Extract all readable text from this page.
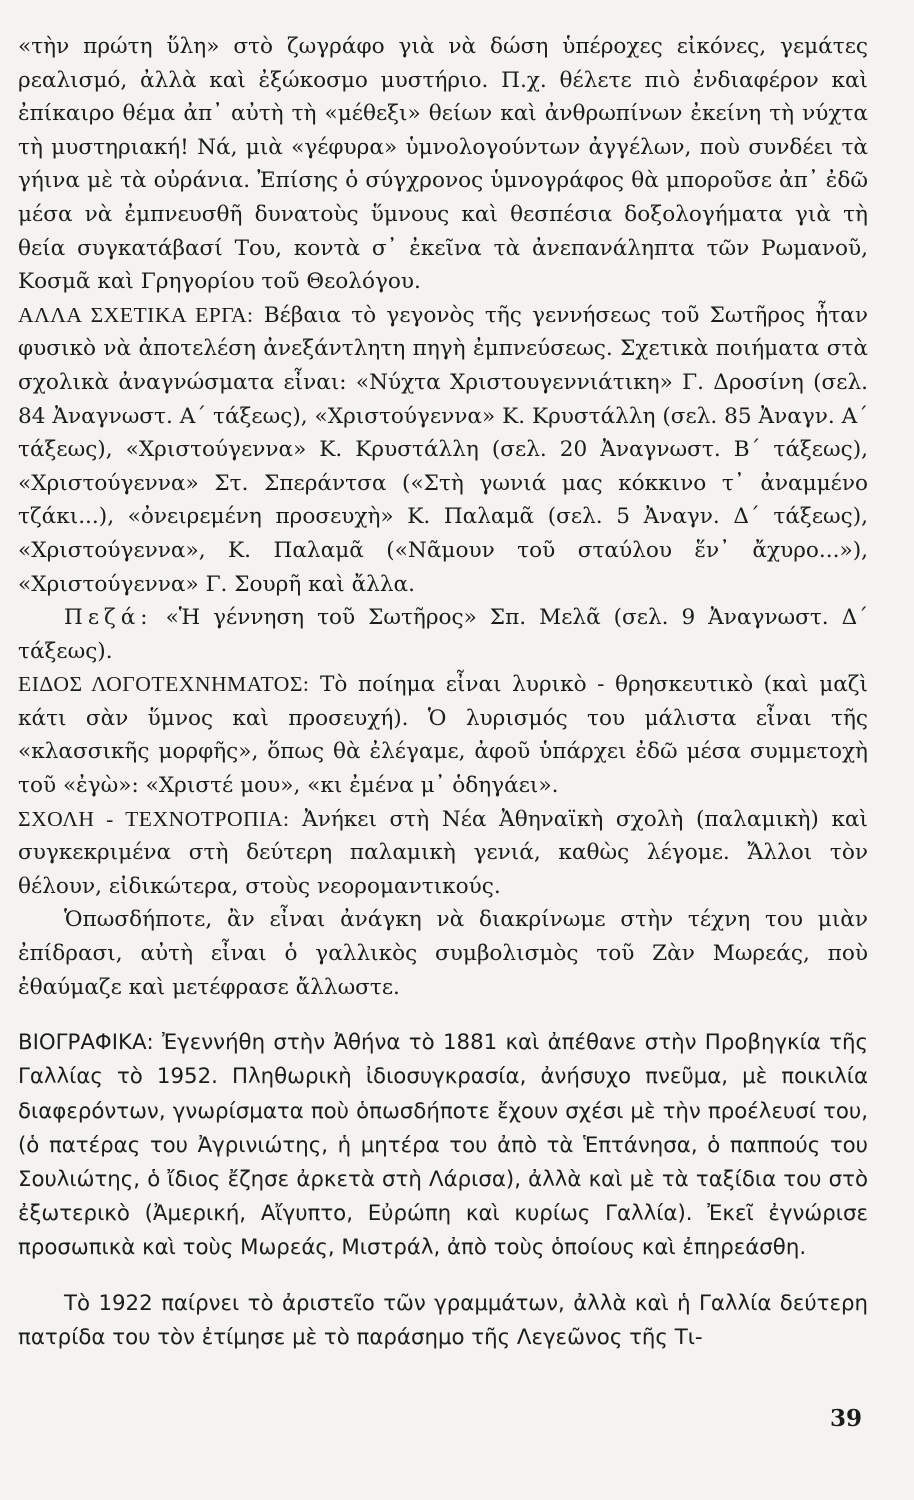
«τὴν πρώτη ὕλη» στὸ ζωγράφο γιὰ νὰ δώση ὑπέροχες εἰκόνες, γεμάτες ρεαλισμό, ἀλλὰ καὶ ἐξώκοσμο μυστήριο. Π.χ. θέλετε πιὸ ἐνδιαφέρον καὶ ἐπίκαιρο θέμα ἀπ᾽ αὐτὴ τὴ «μέθεξι» θείων καὶ ἀνθρωπίνων ἐκείνη τὴ νύχτα τὴ μυστηριακή! Νά, μιὰ «γέφυρα» ὑμνολογούντων ἀγγέλων, ποὺ συνδέει τὰ γήινα μὲ τὰ οὐράνια. Ἐπίσης ὁ σύγχρονος ὑμνογράφος θὰ μποροῦσε ἀπ᾽ ἐδῶ μέσα νὰ ἐμπνευσθῆ δυνατοὺς ὕμνους καὶ θεσπέσια δοξολογήματα γιὰ τὴ θεία συγκατάβασί Του, κοντὰ σ᾽ ἐκεῖνα τὰ ἀνεπανάληπτα τῶν Ρωμανοῦ, Κοσμᾶ καὶ Γρηγορίου τοῦ Θεολόγου.

ΑΛΛΑ ΣΧΕΤΙΚΑ ΕΡΓΑ: Βέβαια τὸ γεγονὸς τῆς γεννήσεως τοῦ Σωτῆρος ἦταν φυσικὸ νὰ ἀποτελέση ἀνεξάντλητη πηγὴ ἐμπνεύσεως. Σχετικὰ ποιήματα στὰ σχολικὰ ἀναγνώσματα εἶναι: «Νύχτα Χριστουγεννιάτικη» Γ. Δροσίνη (σελ. 84 Ἀναγνωστ. Α΄ τάξεως), «Χριστούγεννα» Κ. Κρυστάλλη (σελ. 85 Ἀναγν. Α΄ τάξεως), «Χριστούγεννα» Κ. Κρυστάλλη (σελ. 20 Ἀναγνωστ. Β΄ τάξεως), «Χριστούγεννα» Στ. Σπεράντσα («Στὴ γωνιά μας κόκκινο τ᾽ ἀναμμένο τζάκι...), «ὀνειρεμένη προσευχὴ» Κ. Παλαμᾶ (σελ. 5 Ἀναγν. Δ΄ τάξεως), «Χριστούγεννα», Κ. Παλαμᾶ («Νᾶμουν τοῦ σταύλου ἕν᾽ ἄχυρο...»), «Χριστούγεννα» Γ. Σουρῆ καὶ ἄλλα.

Πεζά: «Ἡ γέννηση τοῦ Σωτῆρος» Σπ. Μελᾶ (σελ. 9 Ἀναγνωστ. Δ΄ τάξεως).

ΕΙΔΟΣ ΛΟΓΟΤΕΧΝΗΜΑΤΟΣ: Τὸ ποίημα εἶναι λυρικὸ - θρησκευτικὸ (καὶ μαζὶ κάτι σὰν ὕμνος καὶ προσευχή). Ὁ λυρισμός του μάλιστα εἶναι τῆς «κλασσικῆς μορφῆς», ὅπως θὰ ἐλέγαμε, ἀφοῦ ὑπάρχει ἐδῶ μέσα συμμετοχὴ τοῦ «ἐγὼ»: «Χριστέ μου», «κι ἐμένα μ᾽ ὁδηγάει».

ΣΧΟΛΗ - ΤΕΧΝΟΤΡΟΠΙΑ: Ἀνήκει στὴ Νέα Ἀθηναϊκὴ σχολὴ (παλαμικὴ) καὶ συγκεκριμένα στὴ δεύτερη παλαμικὴ γενιά, καθὼς λέγομε. Ἄλλοι τὸν θέλουν, εἰδικώτερα, στοὺς νεορομαντικούς.

Ὁπωσδήποτε, ἂν εἶναι ἀνάγκη νὰ διακρίνωμε στὴν τέχνη του μιὰν ἐπίδρασι, αὐτὴ εἶναι ὁ γαλλικὸς συμβολισμὸς τοῦ Ζὰν Μωρεάς, ποὺ ἐθαύμαζε καὶ μετέφρασε ἄλλωστε.

ΒΙΟΓΡΑΦΙΚΑ: Ἐγεννήθη στὴν Ἀθήνα τὸ 1881 καὶ ἀπέθανε στὴν Προβηγκία τῆς Γαλλίας τὸ 1952. Πληθωρικὴ ἰδιοσυγκρασία, ἀνήσυχο πνεῦμα, μὲ ποικιλία διαφερόντων, γνωρίσματα ποὺ ὁπωσδήποτε ἔχουν σχέσι μὲ τὴν προέλευσί του, (ὁ πατέρας του Ἀγρινιώτης, ἡ μητέρα του ἀπὸ τὰ Ἑπτάνησα, ὁ παππούς του Σουλιώτης, ὁ ἴδιος ἔζησε ἀρκετὰ στὴ Λάρισα), ἀλλὰ καὶ μὲ τὰ ταξίδια του στὸ ἐξωτερικὸ (Ἀμερική, Αἴγυπτο, Εὐρώπη καὶ κυρίως Γαλλία). Ἐκεῖ ἐγνώρισε προσωπικὰ καὶ τοὺς Μωρεάς, Μιστράλ, ἀπὸ τοὺς ὁποίους καὶ ἐπηρεάσθη.

Τὸ 1922 παίρνει τὸ ἀριστεῖο τῶν γραμμάτων, ἀλλὰ καὶ ἡ Γαλλία δεύτερη πατρίδα του τὸν ἐτίμησε μὲ τὸ παράσημο τῆς Λεγεῶνος τῆς Τι-

39
